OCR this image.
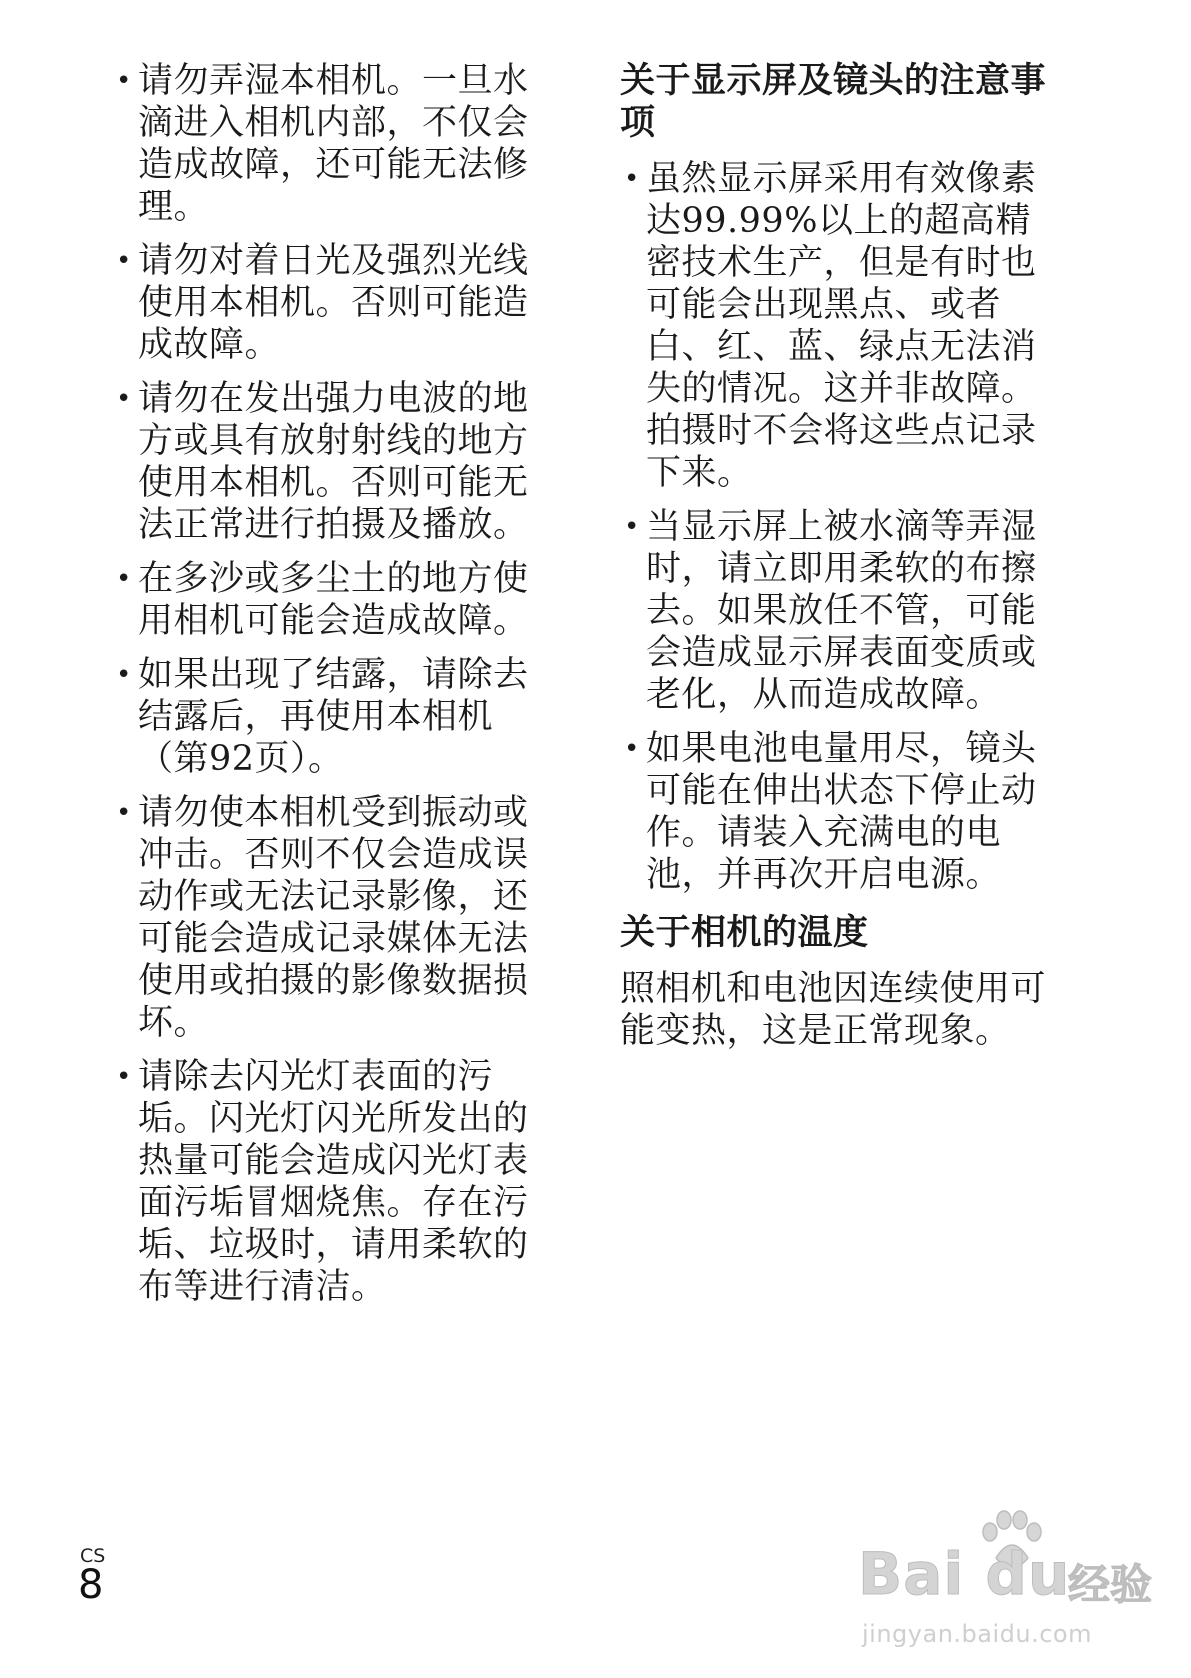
• 请勿弄湿本相机。一旦水滴进入相机内部，不仅会造成故障，还可能无法修理。
• 请勿对着日光及强烈光线使用本相机。否则可能造成故障。
• 请勿在发出强力电波的地方或具有放射射线的地方使用本相机。否则可能无法正常进行拍摄及播放。
• 在多沙或多尘土的地方使用相机可能会造成故障。
• 如果出现了结露，请除去结露后，再使用本相机（第92页）。
• 请勿使本相机受到振动或冲击。否则不仅会造成误动作或无法记录影像，还可能会造成记录媒体无法使用或拍摄的影像数据损坏。
• 请除去闪光灯表面的污垢。闪光灯闪光所发出的热量可能会造成闪光灯表面污垢冒烟烧焦。存在污垢、垃圾时，请用柔软的布等进行清洁。
关于显示屏及镜头的注意事项
• 虽然显示屏采用有效像素达99.99%以上的超高精密技术生产，但是有时也可能会出现黑点、或者白、红、蓝、绿点无法消失的情况。这并非故障。拍摄时不会将这些点记录下来。
• 当显示屏上被水滴等弄湿时，请立即用柔软的布擦去。如果放任不管，可能会造成显示屏表面变质或老化，从而造成故障。
• 如果电池电量用尽，镜头可能在伸出状态下停止动作。请装入充满电的电池，并再次开启电源。
关于相机的温度

照相机和电池因连续使用可能变热，这是正常现象。

CS
8	Bai du
经验
jingyan.baidu.com
